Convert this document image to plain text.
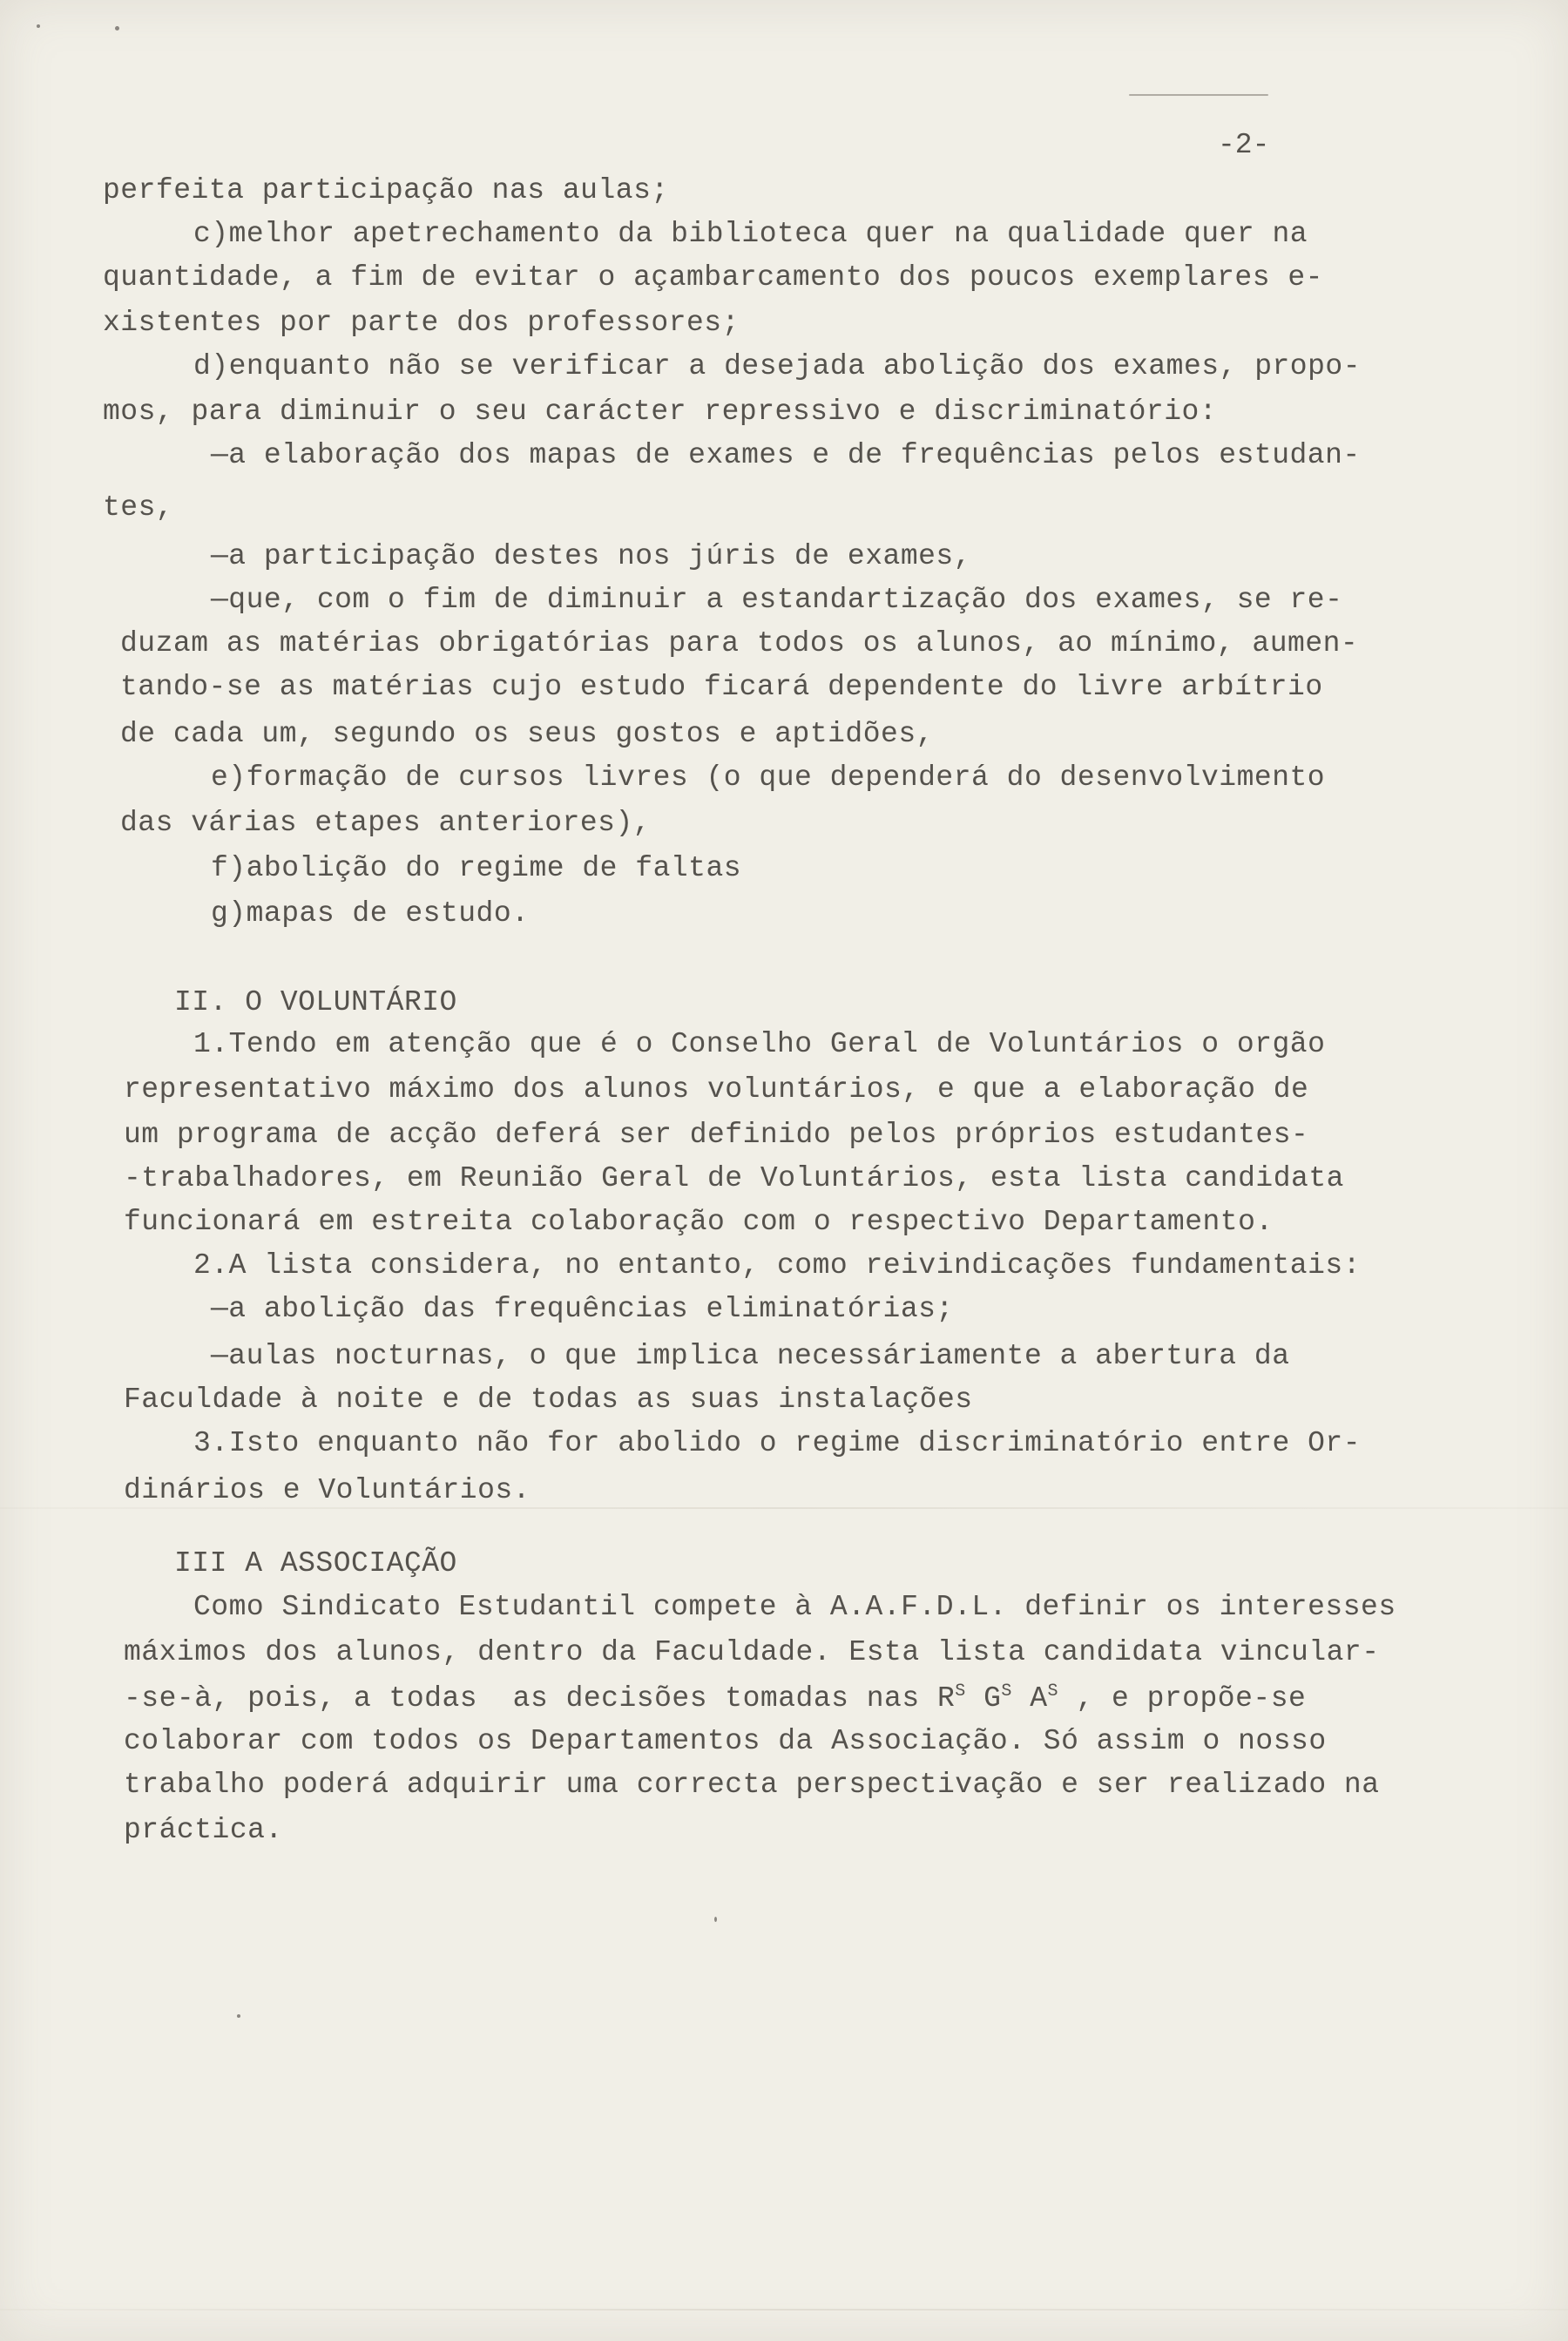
-2-
perfeita participação nas aulas;
c)melhor apetrechamento da biblioteca quer na qualidade quer na
quantidade, a fim de evitar o açambarcamento dos poucos exemplares e-
xistentes por parte dos professores;
d)enquanto não se verificar a desejada abolição dos exames, propo-
mos, para diminuir o seu carácter repressivo e discriminatório:
—a elaboração dos mapas de exames e de frequências pelos estudan-
tes,
—a participação destes nos júris de exames,
—que, com o fim de diminuir a estandartização dos exames, se re-
duzam as matérias obrigatórias para todos os alunos, ao mínimo, aumen-
tando-se as matérias cujo estudo ficará dependente do livre arbítrio
de cada um, segundo os seus gostos e aptidões,
e)formação de cursos livres (o que dependerá do desenvolvimento
das várias etapes anteriores),
f)abolição do regime de faltas
g)mapas de estudo.
II. O VOLUNTÁRIO
1.Tendo em atenção que é o Conselho Geral de Voluntários o orgão
representativo máximo dos alunos voluntários, e que a elaboração de
um programa de acção deferá ser definido pelos próprios estudantes-
-trabalhadores, em Reunião Geral de Voluntários, esta lista candidata
funcionará em estreita colaboração com o respectivo Departamento.
2.A lista considera, no entanto, como reivindicações fundamentais:
—a abolição das frequências eliminatórias;
—aulas nocturnas, o que implica necessáriamente a abertura da
Faculdade à noite e de todas as suas instalações
3.Isto enquanto não for abolido o regime discriminatório entre Or-
dinários e Voluntários.
III A ASSOCIAÇÃO
Como Sindicato Estudantil compete à A.A.F.D.L. definir os interesses
máximos dos alunos, dentro da Faculdade. Esta lista candidata vincular-
-se-à, pois, a todas  as decisões tomadas nas $R^S$ $G^S$ $A^S$ , e propõe-se
colaborar com todos os Departamentos da Associação. Só assim o nosso
trabalho poderá adquirir uma correcta perspectivação e ser realizado na
práctica.
